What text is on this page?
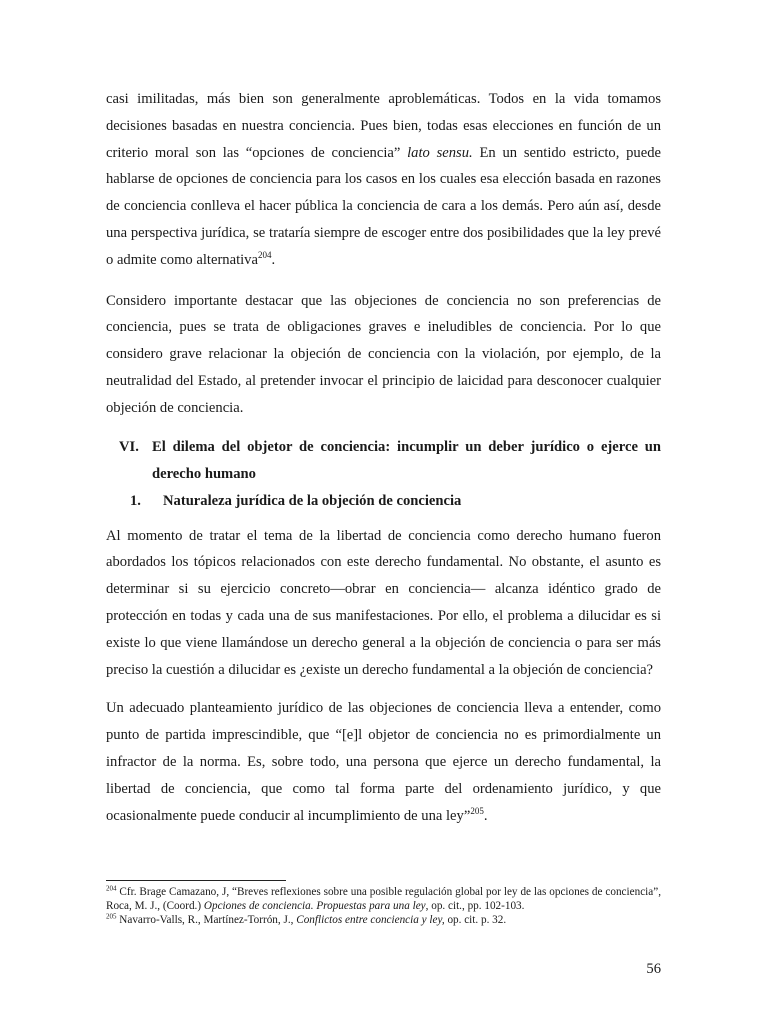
casi imilitadas, más bien son generalmente aproblemáticas. Todos en la vida tomamos decisiones basadas en nuestra conciencia. Pues bien, todas esas elecciones en función de un criterio moral son las “opciones de conciencia” lato sensu. En un sentido estricto, puede hablarse de opciones de conciencia para los casos en los cuales esa elección basada en razones de conciencia conlleva el hacer pública la conciencia de cara a los demás. Pero aún así, desde una perspectiva jurídica, se trataría siempre de escoger entre dos posibilidades que la ley prevé o admite como alternativa$^{204}$.

Considero importante destacar que las objeciones de conciencia no son preferencias de conciencia, pues se trata de obligaciones graves e ineludibles de conciencia. Por lo que considero grave relacionar la objeción de conciencia con la violación, por ejemplo, de la neutralidad del Estado, al pretender invocar el principio de laicidad para desconocer cualquier objeción de conciencia.

VI. El dilema del objetor de conciencia: incumplir un deber jurídico o ejerce un derecho humano
1.	Naturaleza jurídica de la objeción de conciencia

Al momento de tratar el tema de la libertad de conciencia como derecho humano fueron abordados los tópicos relacionados con este derecho fundamental. No obstante, el asunto es determinar si su ejercicio concreto―obrar en conciencia― alcanza idéntico grado de protección en todas y cada una de sus manifestaciones. Por ello, el problema a dilucidar es si existe lo que viene llamándose un derecho general a la objeción de conciencia o para ser más preciso la cuestión a dilucidar es ¿existe un derecho fundamental a la objeción de conciencia?

Un adecuado planteamiento jurídico de las objeciones de conciencia lleva a entender, como punto de partida imprescindible, que “[e]l objetor de conciencia no es primordialmente un infractor de la norma. Es, sobre todo, una persona que ejerce un derecho fundamental, la libertad de conciencia, que como tal forma parte del ordenamiento jurídico, y que ocasionalmente puede conducir al incumplimiento de una ley”$^{205}$.

$^{204}$ Cfr. Brage Camazano, J, “Breves reflexiones sobre una posible regulación global por ley de las opciones de conciencia”, Roca, M. J., (Coord.) Opciones de conciencia. Propuestas para una ley, op. cit., pp. 102-103.

$^{205}$ Navarro-Valls, R., Martínez-Torrón, J., Conflictos entre conciencia y ley, op. cit. p. 32.

56
